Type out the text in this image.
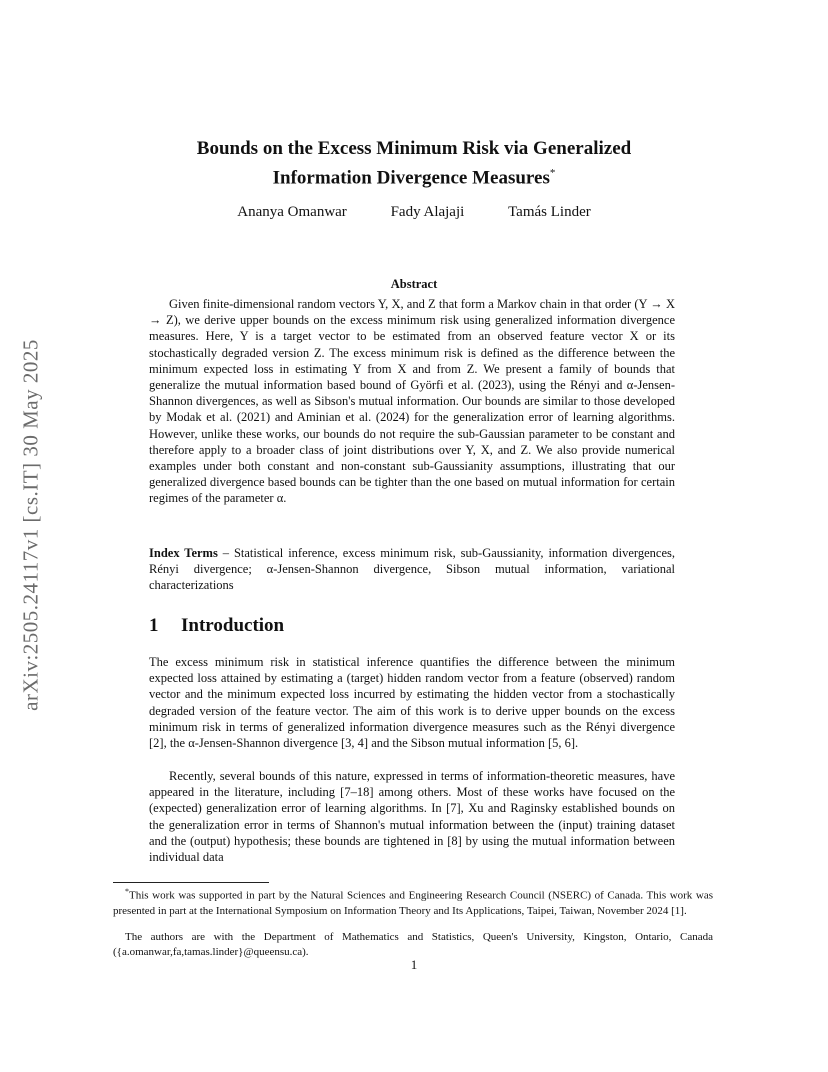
arXiv:2505.24117v1 [cs.IT] 30 May 2025
Bounds on the Excess Minimum Risk via Generalized
Information Divergence Measures*
Ananya Omanwar	Fady Alajaji	Tamás Linder
Abstract

Given finite-dimensional random vectors Y, X, and Z that form a Markov chain in that order (Y → X → Z), we derive upper bounds on the excess minimum risk using generalized information divergence measures. Here, Y is a target vector to be estimated from an observed feature vector X or its stochastically degraded version Z. The excess minimum risk is defined as the difference between the minimum expected loss in estimating Y from X and from Z. We present a family of bounds that generalize the mutual information based bound of Györfi et al. (2023), using the Rényi and α-Jensen-Shannon divergences, as well as Sibson's mutual information. Our bounds are similar to those developed by Modak et al. (2021) and Aminian et al. (2024) for the generalization error of learning algorithms. However, unlike these works, our bounds do not require the sub-Gaussian parameter to be constant and therefore apply to a broader class of joint distributions over Y, X, and Z. We also provide numerical examples under both constant and non-constant sub-Gaussianity assumptions, illustrating that our generalized divergence based bounds can be tighter than the one based on mutual information for certain regimes of the parameter α.

Index Terms – Statistical inference, excess minimum risk, sub-Gaussianity, information divergences, Rényi divergence; α-Jensen-Shannon divergence, Sibson mutual information, variational characterizations

1 Introduction

The excess minimum risk in statistical inference quantifies the difference between the minimum expected loss attained by estimating a (target) hidden random vector from a feature (observed) random vector and the minimum expected loss incurred by estimating the hidden vector from a stochastically degraded version of the feature vector. The aim of this work is to derive upper bounds on the excess minimum risk in terms of generalized information divergence measures such as the Rényi divergence [2], the α-Jensen-Shannon divergence [3, 4] and the Sibson mutual information [5, 6].

Recently, several bounds of this nature, expressed in terms of information-theoretic measures, have appeared in the literature, including [7–18] among others. Most of these works have focused on the (expected) generalization error of learning algorithms. In [7], Xu and Raginsky established bounds on the generalization error in terms of Shannon's mutual information between the (input) training dataset and the (output) hypothesis; these bounds are tightened in [8] by using the mutual information between individual data

*This work was supported in part by the Natural Sciences and Engineering Research Council (NSERC) of Canada. This work was presented in part at the International Symposium on Information Theory and Its Applications, Taipei, Taiwan, November 2024 [1].

The authors are with the Department of Mathematics and Statistics, Queen's University, Kingston, Ontario, Canada ({a.omanwar,fa,tamas.linder}@queensu.ca).

1
